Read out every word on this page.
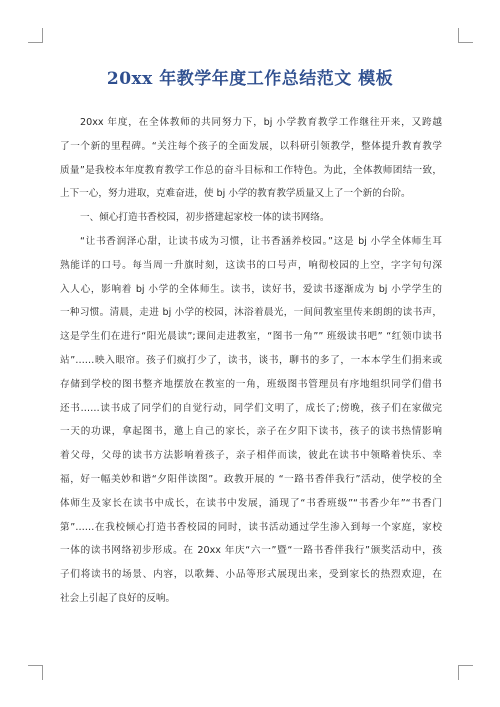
20xx 年教学年度工作总结范文 模板
20xx 年度，在全体教师的共同努力下，bj 小学教育教学工作继往开来，又跨越
了一个新的里程碑。“关注每个孩子的全面发展，以科研引领教学，整体提升教育教学
质量”是我校本年度教育教学工作总的奋斗目标和工作特色。为此，全体教师团结一致，
上下一心，努力进取，克难奋进，使 bj 小学的教育教学质量又上了一个新的台阶。
一、倾心打造书香校园，初步搭建起家校一体的读书网络。
“让书香润泽心甜，让读书成为习惯，让书香涵养校园。”这是 bj 小学全体师生耳
熟能详的口号。每当周一升旗时刻，这读书的口号声，响彻校园的上空，字字句句深
入人心，影响着 bj 小学的全体师生。读书，读好书，爱读书逐渐成为 bj 小学学生的
一种习惯。清晨，走进 bj 小学的校园，沐浴着晨光，一间间教室里传来朗朗的读书声，
这是学生们在进行“阳光晨读”;课间走进教室，“图书一角”” 班级读书吧” “红领巾读书
站”……映入眼帘。孩子们疯打少了，读书，谈书，聊书的多了，一本本学生们捐来或
存储到学校的图书整齐地摆放在教室的一角，班级图书管理员有序地组织同学们借书
还书……读书成了同学们的自觉行动，同学们文明了，成长了;傍晚，孩子们在家做完
一天的功课，拿起图书，邀上自己的家长，亲子在夕阳下读书，孩子的读书热情影响
着父母，父母的读书方法影响着孩子，亲子相伴而读，彼此在读书中领略着快乐、幸
福，好一幅美妙和谐“夕阳伴读图”。政教开展的 “一路书香伴我行”活动，使学校的全
体师生及家长在读书中成长，在读书中发展，涌现了“书香班级”“书香少年”“书香门
第”……在我校倾心打造书香校园的同时，读书活动通过学生渗入到每一个家庭，家校
一体的读书网络初步形成。在 20xx 年庆“六一”暨“一路书香伴我行”颁奖活动中，孩
子们将读书的场景、内容，以歌舞、小品等形式展现出来，受到家长的热烈欢迎，在
社会上引起了良好的反响。
